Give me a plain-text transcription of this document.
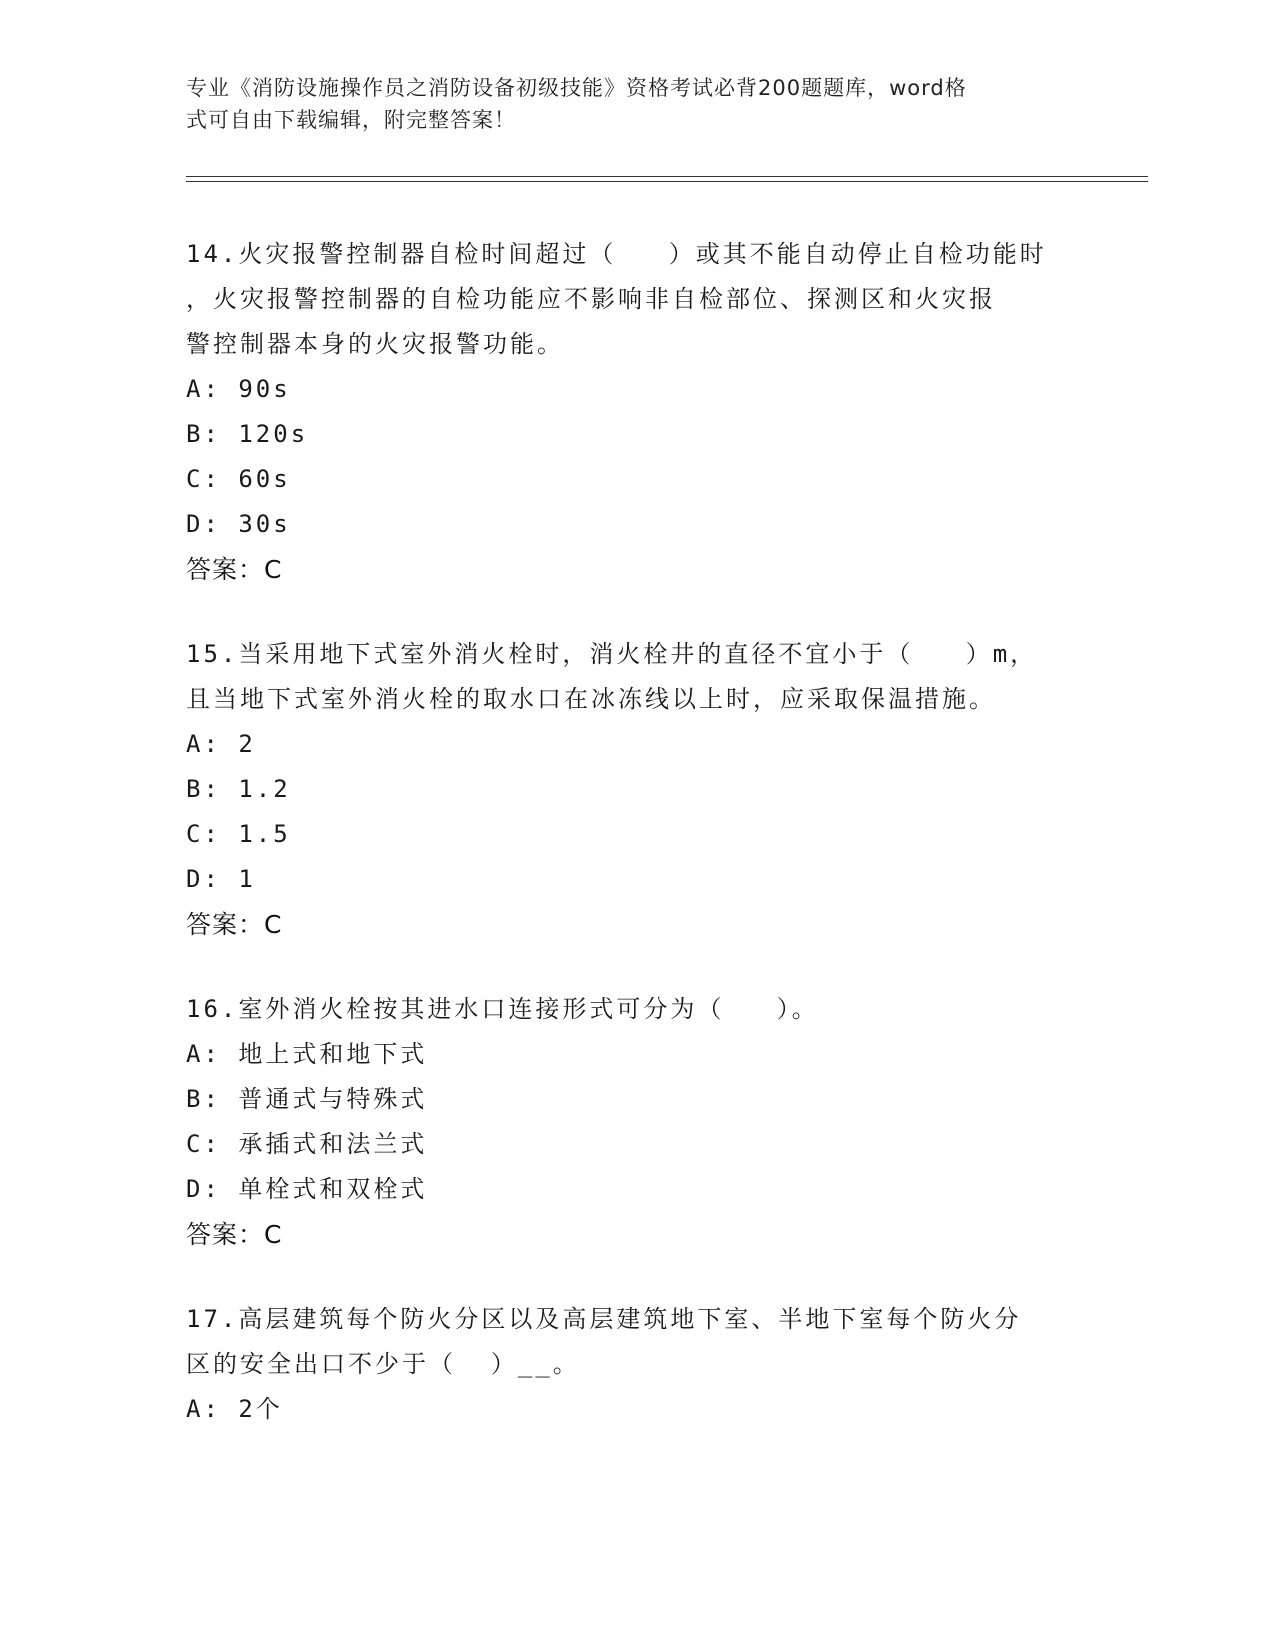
专业《消防设施操作员之消防设备初级技能》资格考试必背200题题库，word格
式可自由下载编辑，附完整答案！
14.火灾报警控制器自检时间超过（   ）或其不能自动停止自检功能时
，火灾报警控制器的自检功能应不影响非自检部位、探测区和火灾报
警控制器本身的火灾报警功能。
A: 90s
B: 120s
C: 60s
D: 30s
答案：C
15.当采用地下式室外消火栓时，消火栓井的直径不宜小于（   ）m，
且当地下式室外消火栓的取水口在冰冻线以上时，应采取保温措施。
A: 2
B: 1.2
C: 1.5
D: 1
答案：C
16.室外消火栓按其进水口连接形式可分为（   ）。
A: 地上式和地下式
B: 普通式与特殊式
C: 承插式和法兰式
D: 单栓式和双栓式
答案：C
17.高层建筑每个防火分区以及高层建筑地下室、半地下室每个防火分
区的安全出口不少于（  ）__。
A: 2个
